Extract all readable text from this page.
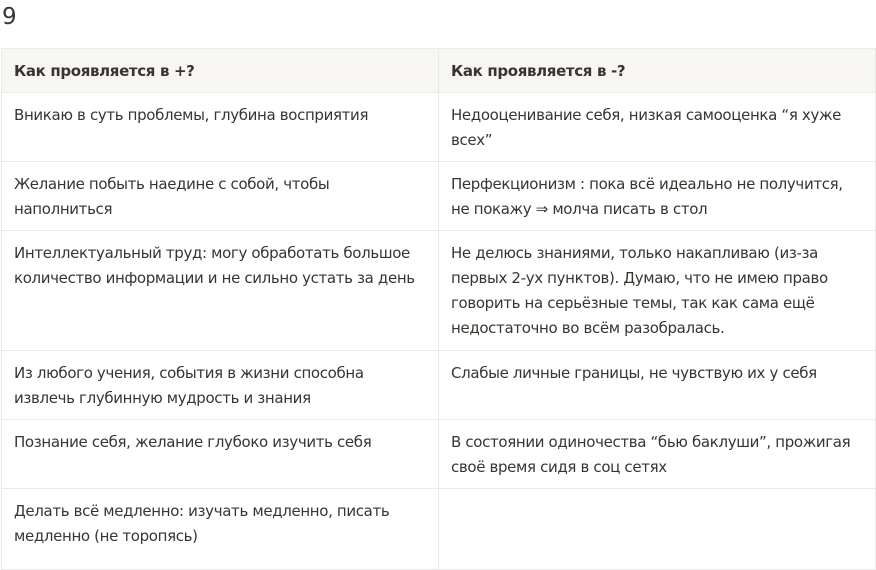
9
Как проявляется в +?	Как проявляется в -?
Вникаю в суть проблемы, глубина восприятия	Недооценивание себя, низкая самооценка “я хуже всех”
Желание побыть наедине с собой, чтобы наполниться	Перфекционизм : пока всё идеально не получится, не покажу ⇒ молча писать в стол
Интеллектуальный труд: могу обработать большое количество информации и не сильно устать за день	Не делюсь знаниями, только накапливаю (из-за первых 2-ух пунктов). Думаю, что не имею право говорить на серьёзные темы, так как сама ещё недостаточно во всём разобралась.
Из любого учения, события в жизни способна извлечь глубинную мудрость и знания	Слабые личные границы, не чувствую их у себя
Познание себя, желание глубоко изучить себя	В состоянии одиночества “бью баклуши”, прожигая своё время сидя в соц сетях
Делать всё медленно: изучать медленно, писать медленно (не торопясь)	
